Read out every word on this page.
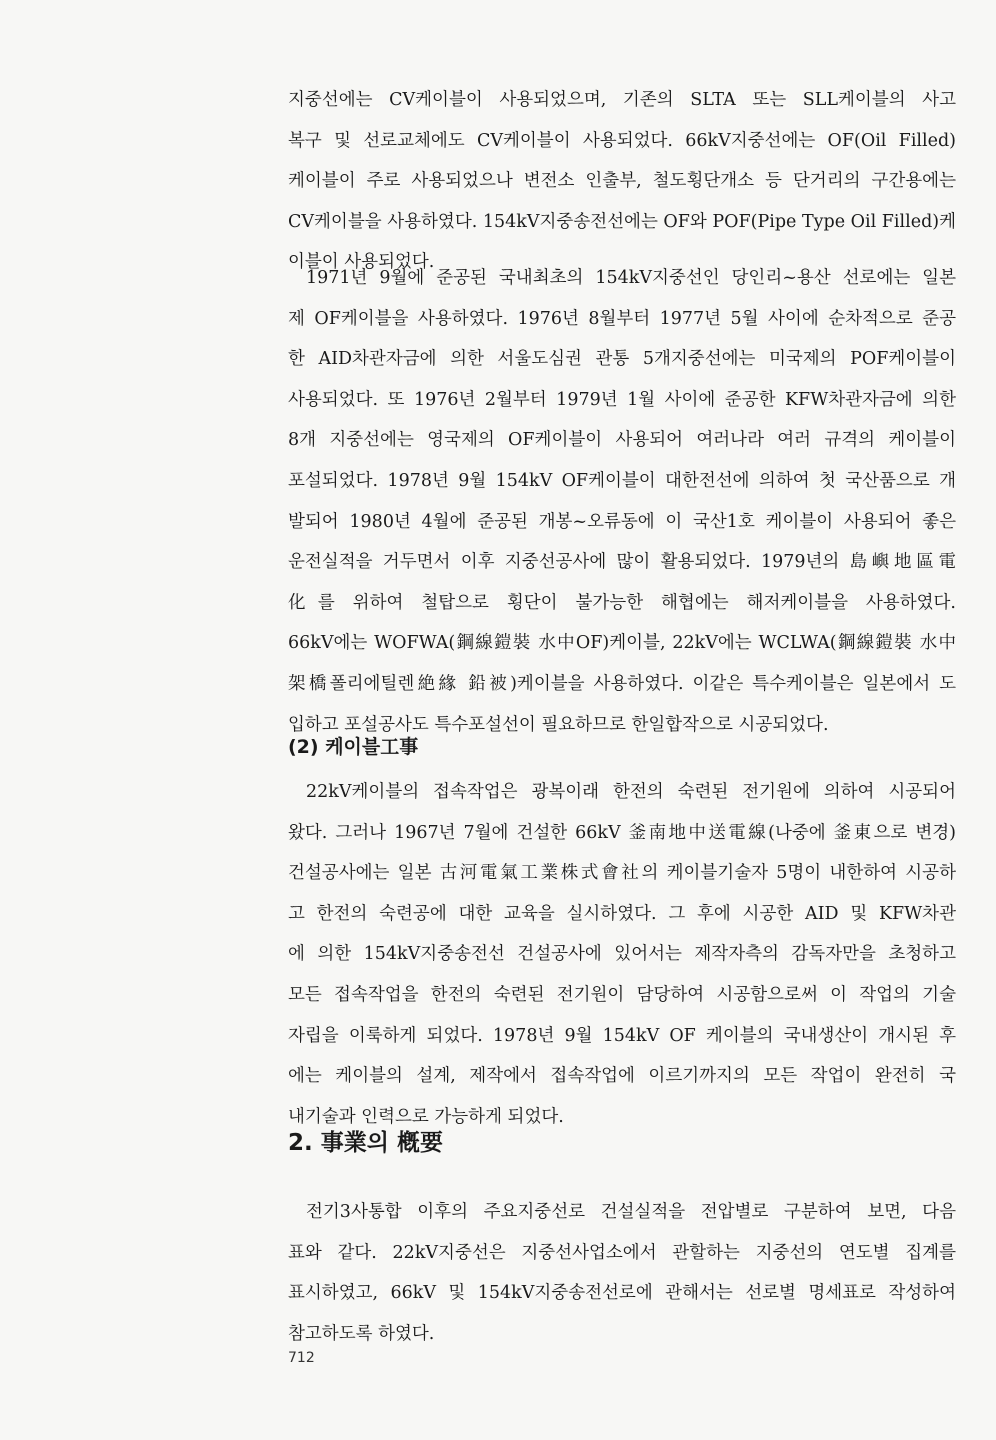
지중선에는 CV케이블이 사용되었으며, 기존의 SLTA 또는 SLL케이블의 사고

복구 및 선로교체에도 CV케이블이 사용되었다. 66kV지중선에는 OF(Oil Filled)

케이블이 주로 사용되었으나 변전소 인출부, 철도횡단개소 등 단거리의 구간용에는

CV케이블을 사용하였다. 154kV지중송전선에는 OF와 POF(Pipe Type Oil Filled)케

이블이 사용되었다.

1971년 9월에 준공된 국내최초의 154kV지중선인 당인리~용산 선로에는 일본

제 OF케이블을 사용하였다. 1976년 8월부터 1977년 5월 사이에 순차적으로 준공

한 AID차관자금에 의한 서울도심권 관통 5개지중선에는 미국제의 POF케이블이

사용되었다. 또 1976년 2월부터 1979년 1월 사이에 준공한 KFW차관자금에 의한

8개 지중선에는 영국제의 OF케이블이 사용되어 여러나라 여러 규격의 케이블이

포설되었다. 1978년 9월 154kV OF케이블이 대한전선에 의하여 첫 국산품으로 개

발되어 1980년 4월에 준공된 개봉~오류동에 이 국산1호 케이블이 사용되어 좋은

운전실적을 거두면서 이후 지중선공사에 많이 활용되었다. 1979년의 島嶼地區電

化를 위하여 철탑으로 횡단이 불가능한 해협에는 해저케이블을 사용하였다.

66kV에는 WOFWA(鋼線鎧裝 水中OF)케이블, 22kV에는 WCLWA(鋼線鎧裝 水中

架橋폴리에틸렌絶緣 鉛被)케이블을 사용하였다. 이같은 특수케이블은 일본에서 도

입하고 포설공사도 특수포설선이 필요하므로 한일합작으로 시공되었다.

(2) 케이블工事

22kV케이블의 접속작업은 광복이래 한전의 숙련된 전기원에 의하여 시공되어

왔다. 그러나 1967년 7월에 건설한 66kV 釜南地中送電線(나중에 釜東으로 변경)

건설공사에는 일본 古河電氣工業株式會社의 케이블기술자 5명이 내한하여 시공하

고 한전의 숙련공에 대한 교육을 실시하였다. 그 후에 시공한 AID 및 KFW차관

에 의한 154kV지중송전선 건설공사에 있어서는 제작자측의 감독자만을 초청하고

모든 접속작업을 한전의 숙련된 전기원이 담당하여 시공함으로써 이 작업의 기술

자립을 이룩하게 되었다. 1978년 9월 154kV OF 케이블의 국내생산이 개시된 후

에는 케이블의 설계, 제작에서 접속작업에 이르기까지의 모든 작업이 완전히 국

내기술과 인력으로 가능하게 되었다.

2. 事業의 槪要

전기3사통합 이후의 주요지중선로 건설실적을 전압별로 구분하여 보면, 다음

표와 같다. 22kV지중선은 지중선사업소에서 관할하는 지중선의 연도별 집계를

표시하였고, 66kV 및 154kV지중송전선로에 관해서는 선로별 명세표로 작성하여

참고하도록 하였다.

712
